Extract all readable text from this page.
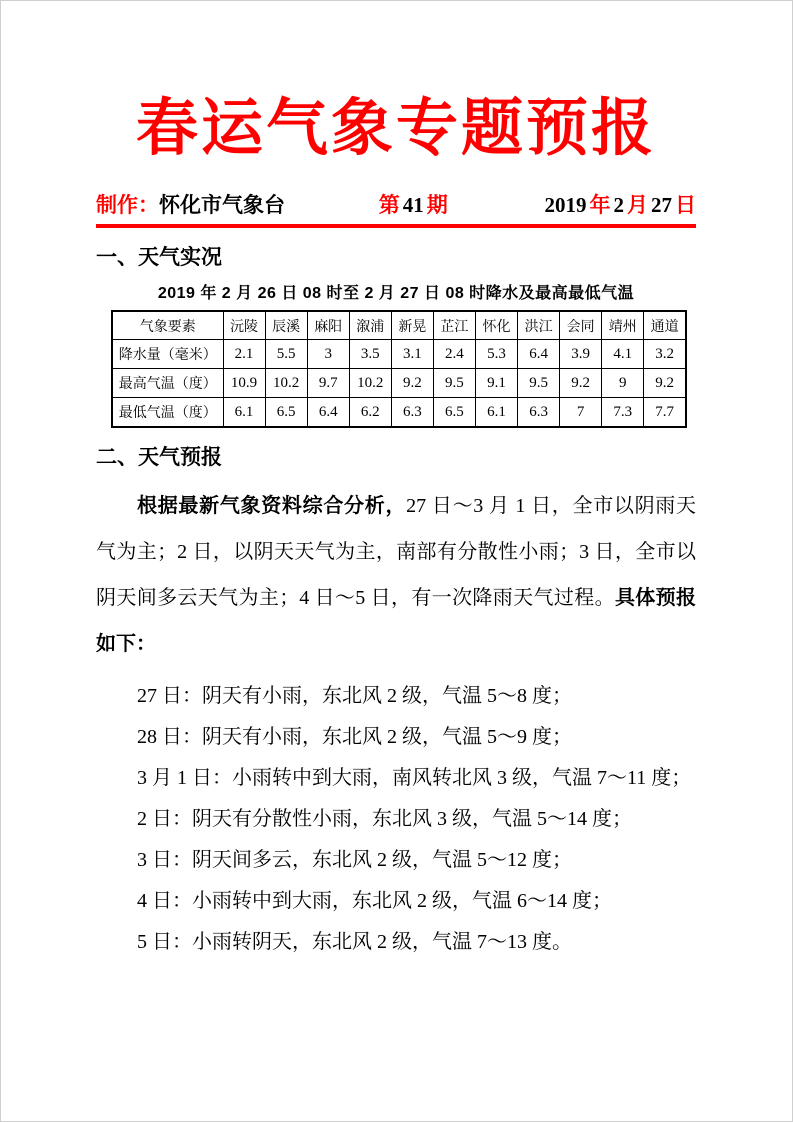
春运气象专题预报
制作：怀化市气象台	第 41 期	2019 年 2 月 27 日
一、天气实况
2019 年 2 月 26 日 08 时至 2 月 27 日 08 时降水及最高最低气温
气象要素	沅陵	辰溪	麻阳	溆浦	新晃	芷江	怀化	洪江	会同	靖州	通道
降水量（毫米）	2.1	5.5	3	3.5	3.1	2.4	5.3	6.4	3.9	4.1	3.2
最高气温（度）	10.9	10.2	9.7	10.2	9.2	9.5	9.1	9.5	9.2	9	9.2
最低气温（度）	6.1	6.5	6.4	6.2	6.3	6.5	6.1	6.3	7	7.3	7.7
二、天气预报

根据最新气象资料综合分析，27 日～3 月 1 日，全市以阴雨天气为主；2 日，以阴天天气为主，南部有分散性小雨；3 日，全市以阴天间多云天气为主；4 日～5 日，有一次降雨天气过程。具体预报如下：

27 日：阴天有小雨，东北风 2 级，气温 5～8 度；

28 日：阴天有小雨，东北风 2 级，气温 5～9 度；

3 月 1 日：小雨转中到大雨，南风转北风 3 级，气温 7～11 度；

2 日：阴天有分散性小雨，东北风 3 级，气温 5～14 度；

3 日：阴天间多云，东北风 2 级，气温 5～12 度；

4 日：小雨转中到大雨，东北风 2 级，气温 6～14 度；

5 日：小雨转阴天，东北风 2 级，气温 7～13 度。
